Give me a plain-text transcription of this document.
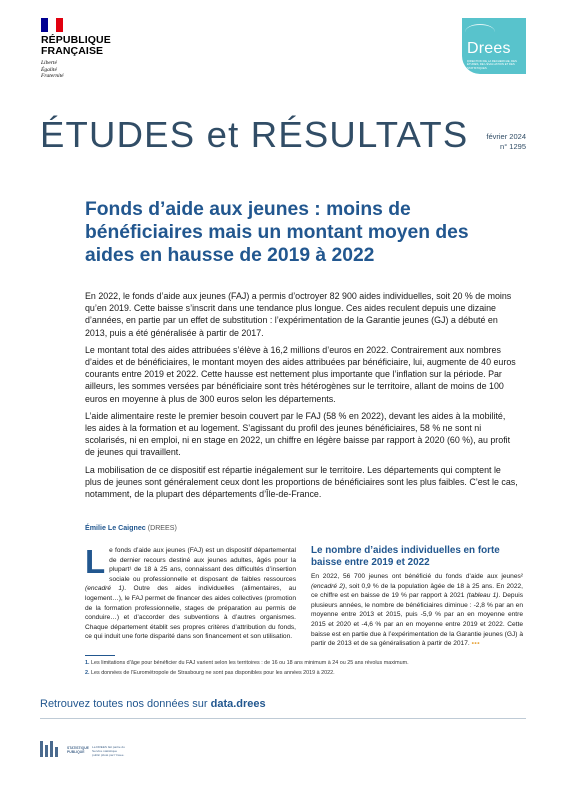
RÉPUBLIQUE
FRANÇAISE
Liberté
Égalité
Fraternité
Drees
DIRECTION DE LA RECHERCHE, DES ÉTUDES, DE L'ÉVALUATION ET DES STATISTIQUES
ÉTUDES et RÉSULTATS février 2024
n° 1295
Fonds d’aide aux jeunes : moins de bénéficiaires mais un montant moyen des aides en hausse de 2019 à 2022

En 2022, le fonds d’aide aux jeunes (FAJ) a permis d’octroyer 82 900 aides individuelles, soit 20 % de moins qu’en 2019. Cette baisse s’inscrit dans une tendance plus longue. Ces aides reculent depuis une dizaine d’années, en partie par un effet de substitution : l’expérimentation de la Garantie jeunes (GJ) a débuté en 2013, puis a été généralisée à partir de 2017.

Le montant total des aides attribuées s’élève à 16,2 millions d’euros en 2022. Contrairement aux nombres d’aides et de bénéficiaires, le montant moyen des aides attribuées par bénéficiaire, lui, augmente de 40 euros courants entre 2019 et 2022. Cette hausse est nettement plus importante que l’inflation sur la période. Par ailleurs, les sommes versées par bénéficiaire sont très hétérogènes sur le territoire, allant de moins de 100 euros en moyenne à plus de 300 euros selon les départements.

L’aide alimentaire reste le premier besoin couvert par le FAJ (58 % en 2022), devant les aides à la mobilité, les aides à la formation et au logement. S’agissant du profil des jeunes bénéficiaires, 58 % ne sont ni scolarisés, ni en emploi, ni en stage en 2022, un chiffre en légère baisse par rapport à 2020 (60 %), au profit de jeunes qui travaillent.

La mobilisation de ce dispositif est répartie inégalement sur le territoire. Les départements qui comptent le plus de jeunes sont généralement ceux dont les proportions de bénéficiaires sont les plus faibles. C’est le cas, notamment, de la plupart des départements d’Île-de-France.

Émilie Le Caignec (DREES)
Le fonds d’aide aux jeunes (FAJ) est un dispositif départemental de dernier recours destiné aux jeunes adultes, âgés pour la plupart¹ de 18 à 25 ans, connaissant des difficultés d’insertion sociale ou professionnelle et disposant de faibles ressources (encadré 1). Outre des aides individuelles (alimentaires, au logement…), le FAJ permet de financer des aides collectives (promotion de la formation professionnelle, stages de préparation au permis de conduire…) et d’accorder des subventions à d’autres organismes. Chaque département établit ses propres critères d’attribution du fonds, ce qui induit une forte disparité dans son financement et son utilisation.
Le nombre d’aides individuelles en forte baisse entre 2019 et 2022
En 2022, 56 700 jeunes ont bénéficié du fonds d’aide aux jeunes² (encadré 2), soit 0,9 % de la population âgée de 18 à 25 ans. En 2022, ce chiffre est en baisse de 19 % par rapport à 2021 (tableau 1). Depuis plusieurs années, le nombre de bénéficiaires diminue : -2,8 % par an en moyenne entre 2013 et 2015, puis -5,9 % par an en moyenne entre 2015 et 2020 et -4,6 % par an en moyenne entre 2019 et 2022. Cette baisse est en partie due à l’expérimentation de la Garantie jeunes (GJ) à partir de 2013 et de sa généralisation à partir de 2017. •••
1. Les limitations d’âge pour bénéficier du FAJ varient selon les territoires : de 16 ou 18 ans minimum à 24 ou 25 ans révolus maximum.
2. Les données de l’Eurométropole de Strasbourg ne sont pas disponibles pour les années 2019 à 2022.
Retrouvez toutes nos données sur data.drees
STATISTIQUE
PUBLIQUE
La DREES fait partie du Service statistique public piloté par l’Insee.
